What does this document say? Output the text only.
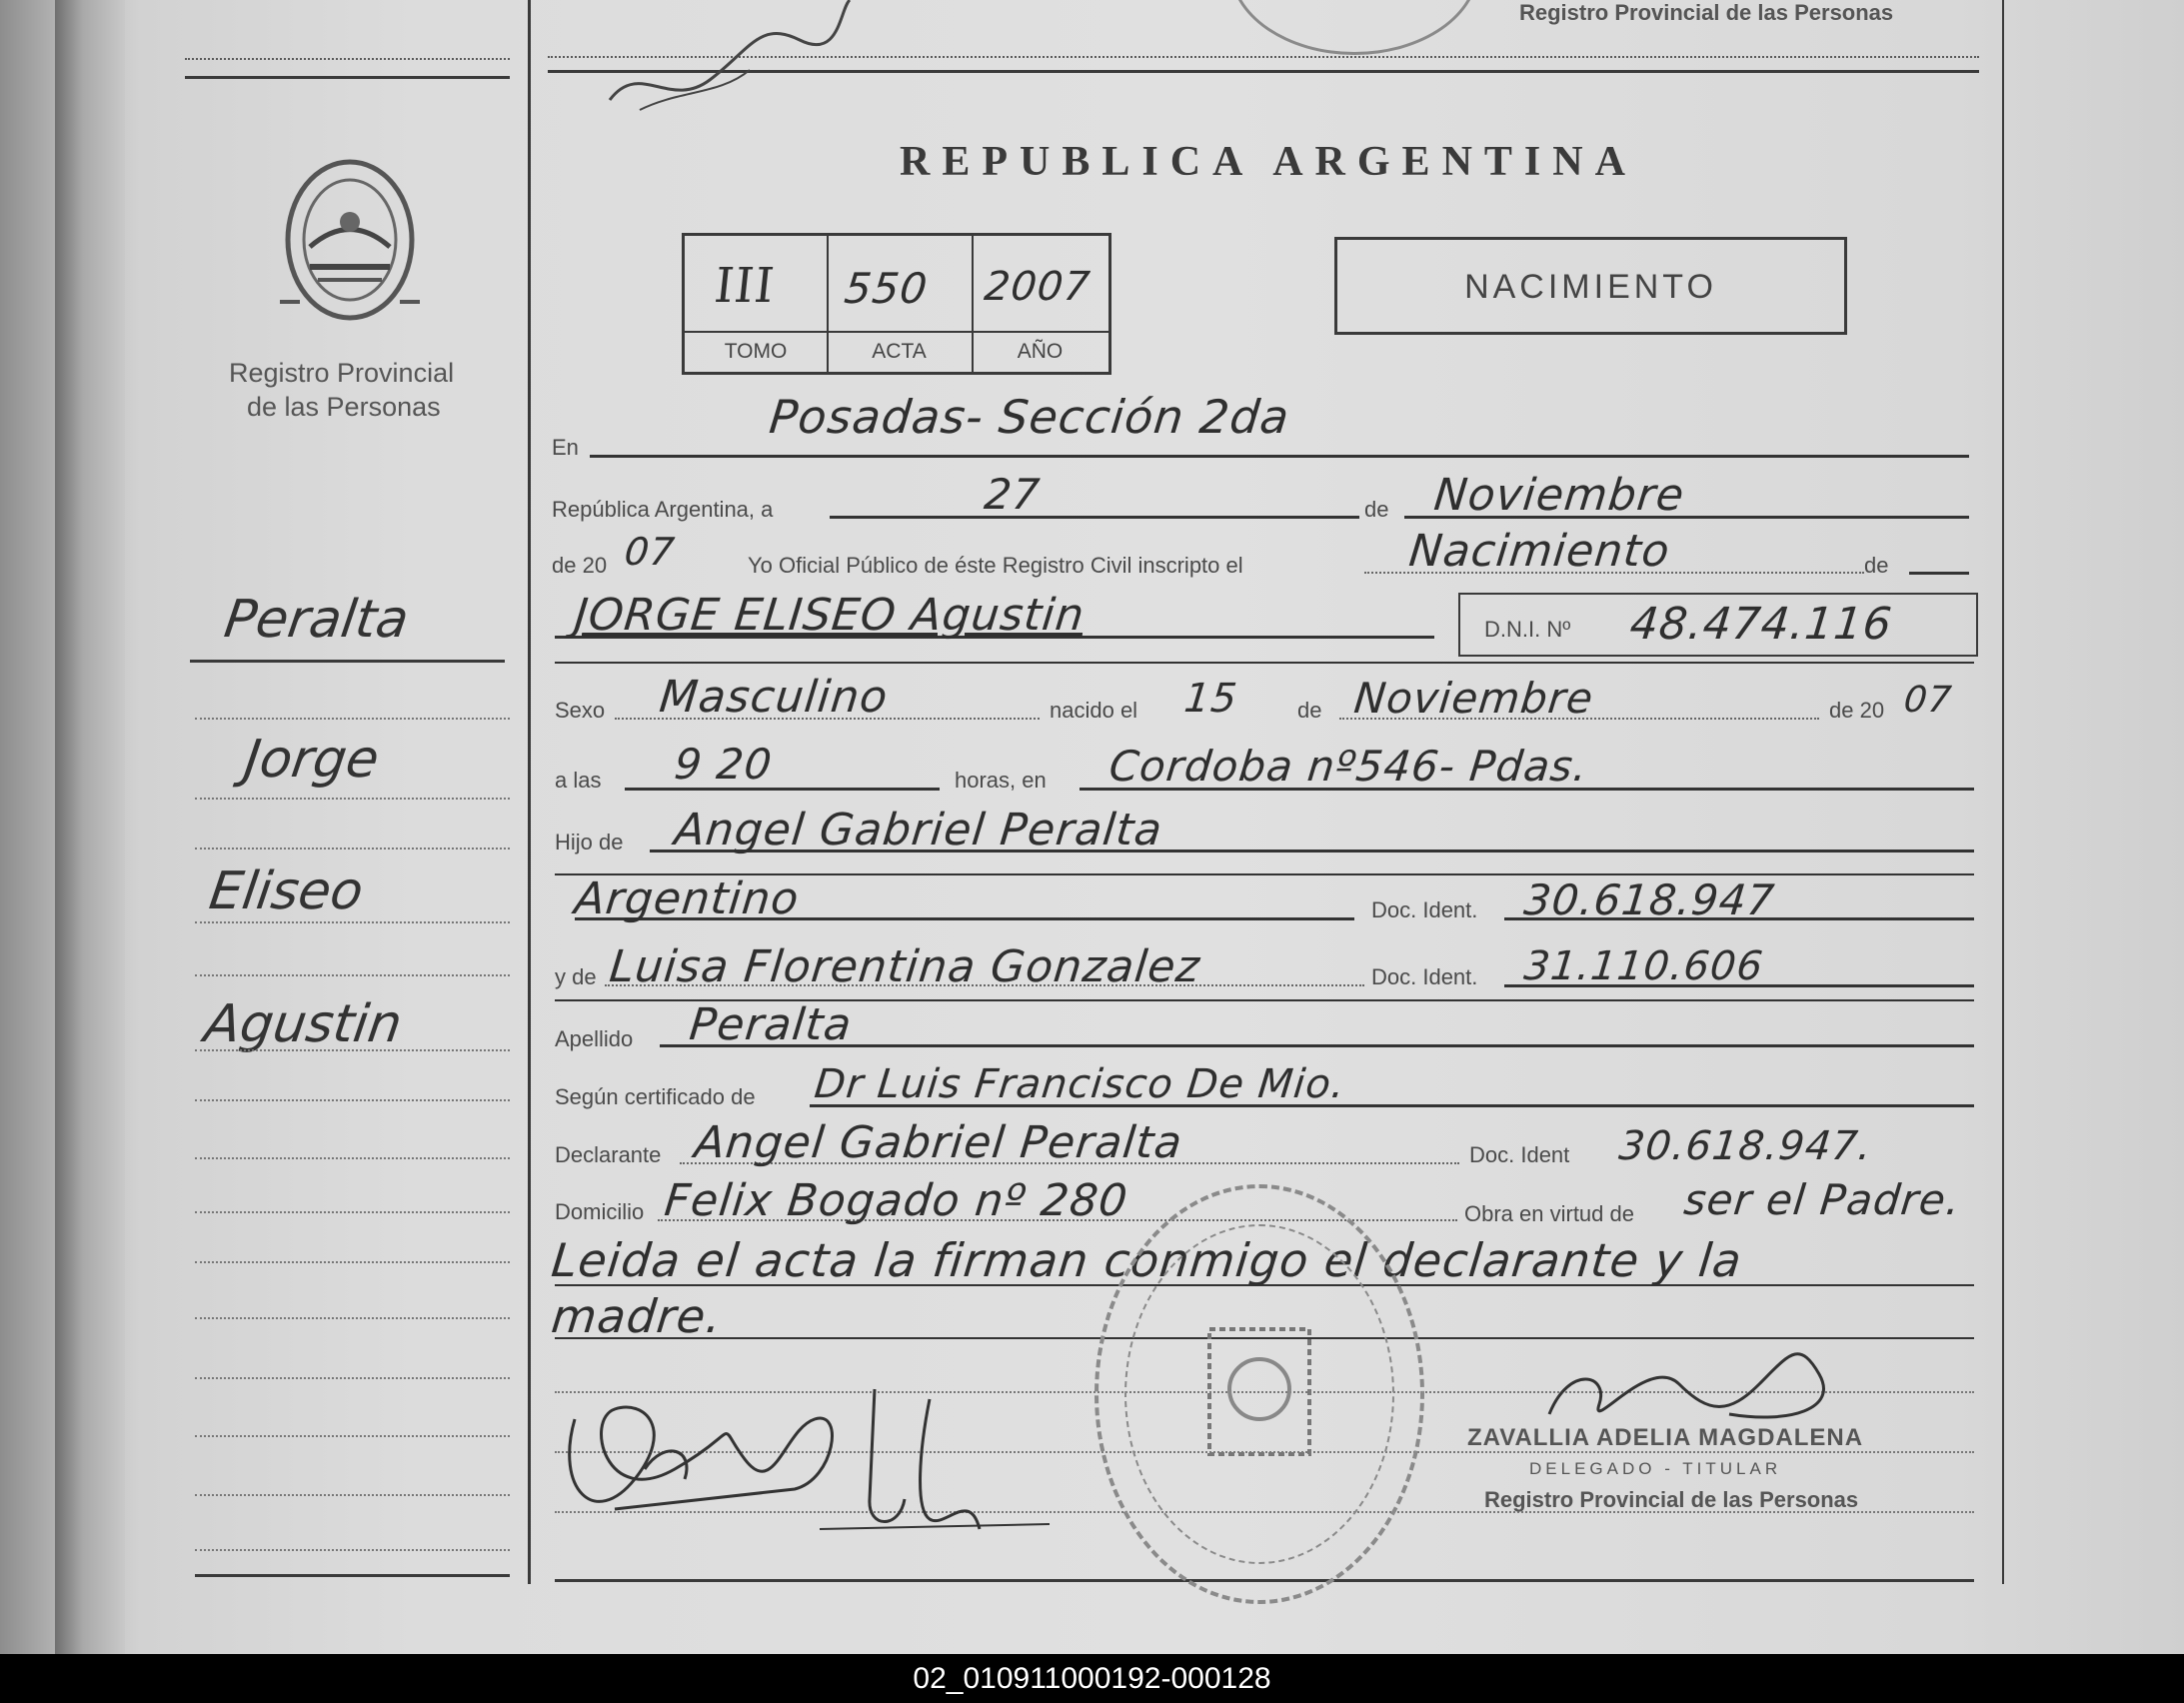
Registro Provincial de las Personas
Registro Provincial
de las Personas
Peralta
Jorge
Eliseo
Agustin
REPUBLICA ARGENTINA
III 550 2007
TOMO	ACTA	AÑO
NACIMIENTO
En
Posadas- Sección 2da
República Argentina, a	27	de Noviembre
de 20 07	Yo Oficial Público de éste Registro Civil inscripto el	Nacimiento	de
JORGE ELISEO Agustin	D.N.I. Nº 48.474.116
Sexo Masculino	nacido el 15	de Noviembre	de 20 07
a las 9 20	horas, en Cordoba nº546- Pdas.
Hijo de Angel Gabriel Peralta
Argentino	Doc. Ident. 30.618.947
y de Luisa Florentina Gonzalez	Doc. Ident. 31.110.606
Apellido Peralta
Según certificado de Dr Luis Francisco De Mio.
Declarante Angel Gabriel Peralta	Doc. Ident 30.618.947.
Domicilio Felix Bogado nº 280	Obra en virtud de ser el Padre.
Leida el acta la firman conmigo el declarante y la
madre.
ZAVALLIA ADELIA MAGDALENA
DELEGADO - TITULAR
Registro Provincial de las Personas
02_010911000192-000128
